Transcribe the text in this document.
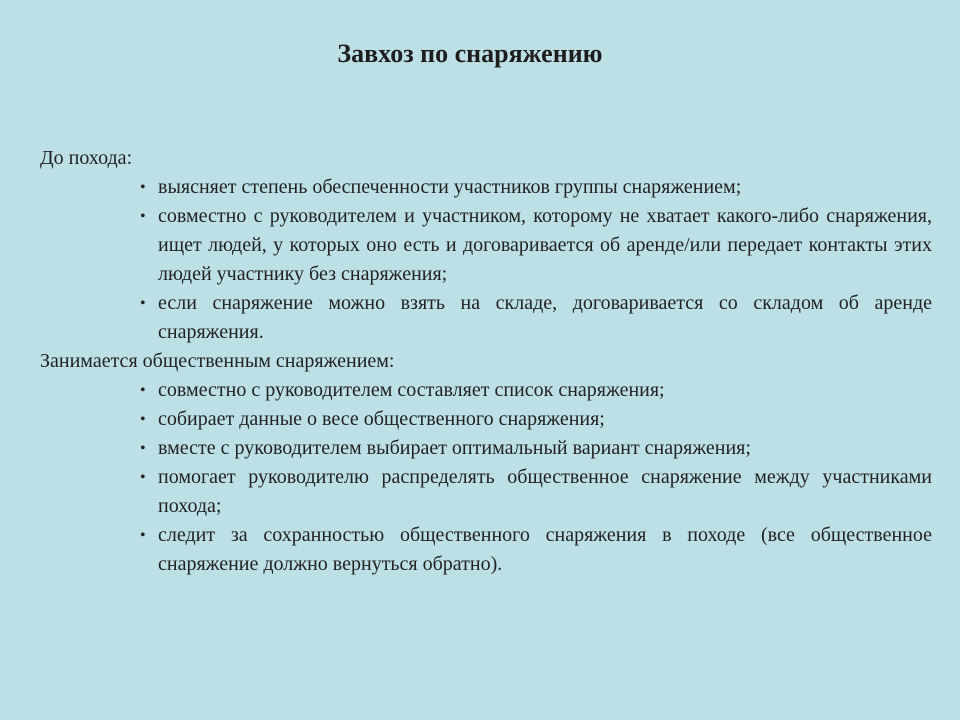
Завхоз по снаряжению
До похода:
• выясняет степень обеспеченности участников группы снаряжением;
• совместно с руководителем и участником, которому не хватает какого-либо снаряжения, ищет людей, у которых оно есть и договаривается об аренде/или передает контакты этих людей участнику без снаряжения;
• если снаряжение можно взять на складе, договаривается со складом об аренде снаряжения.
Занимается общественным снаряжением:
• совместно с руководителем составляет список снаряжения;
• собирает данные о весе общественного снаряжения;
• вместе с руководителем выбирает оптимальный вариант снаряжения;
• помогает руководителю распределять общественное снаряжение между участниками похода;
• следит за сохранностью общественного снаряжения в походе (все общественное снаряжение должно вернуться обратно).
